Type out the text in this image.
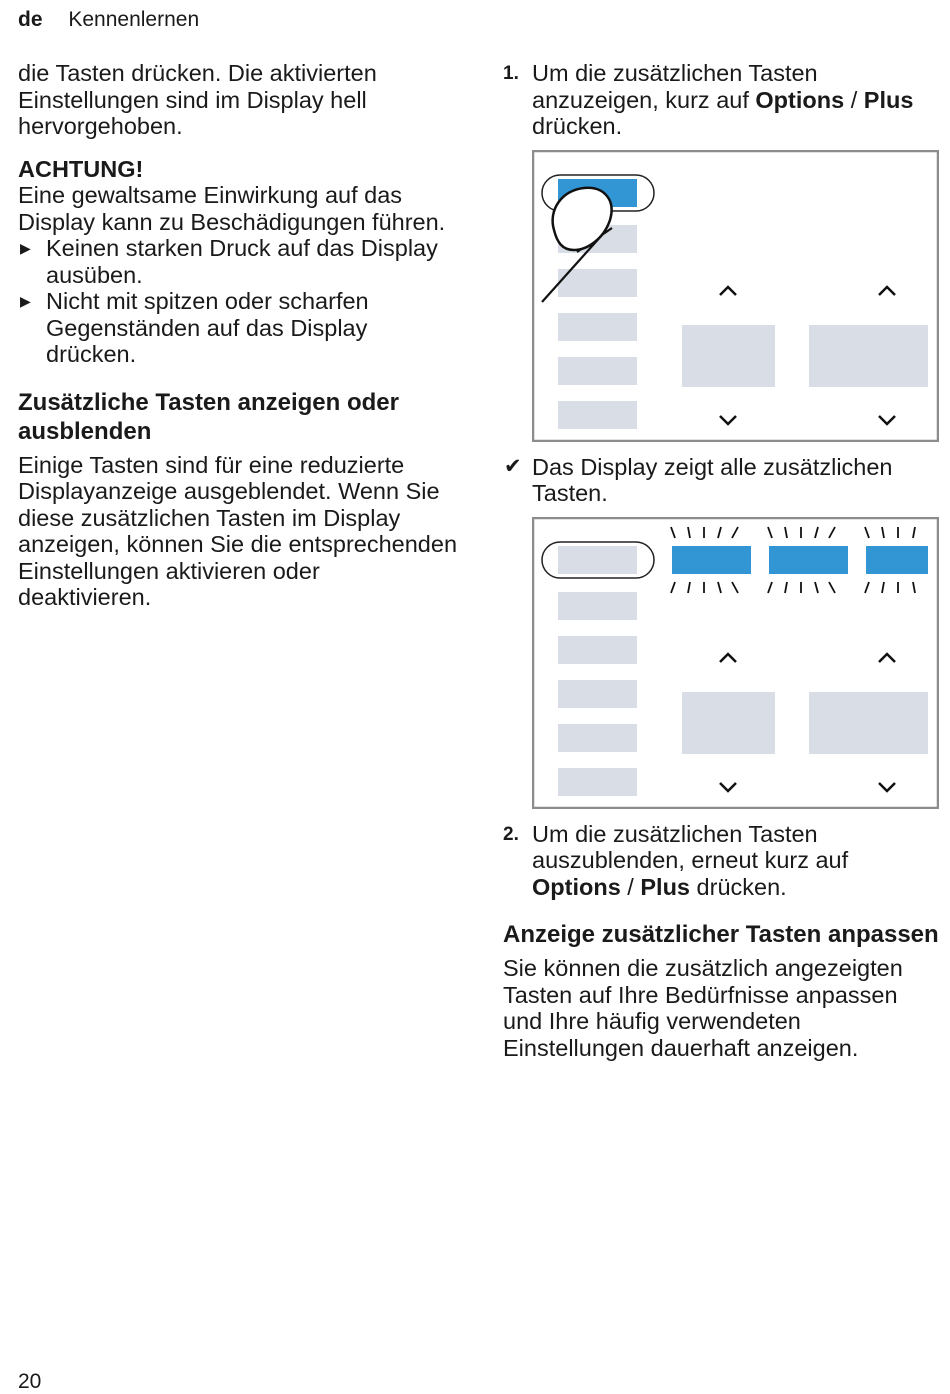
de Kennenlernen

die Tasten drücken. Die aktivierten Einstellungen sind im Display hell hervorgehoben.

ACHTUNG!

Eine gewaltsame Einwirkung auf das Display kann zu Beschädigungen führen.

▶ Keinen starken Druck auf das Display ausüben.
▶ Nicht mit spitzen oder scharfen Gegenständen auf das Display drücken.
Zusätzliche Tasten anzeigen oder ausblenden

Einige Tasten sind für eine reduzierte Displayanzeige ausgeblendet. Wenn Sie diese zusätzlichen Tasten im Display anzeigen, können Sie die entsprechenden Einstellungen aktivieren oder deaktivieren.

1. Um die zusätzlichen Tasten anzuzeigen, kurz auf Options / Plus drücken.
✔ Das Display zeigt alle zusätzlichen Tasten.
2. Um die zusätzlichen Tasten auszublenden, erneut kurz auf Options / Plus drücken.
Anzeige zusätzlicher Tasten anpassen

Sie können die zusätzlich angezeigten Tasten auf Ihre Bedürfnisse anpassen und Ihre häufig verwendeten Einstellungen dauerhaft anzeigen.

20
